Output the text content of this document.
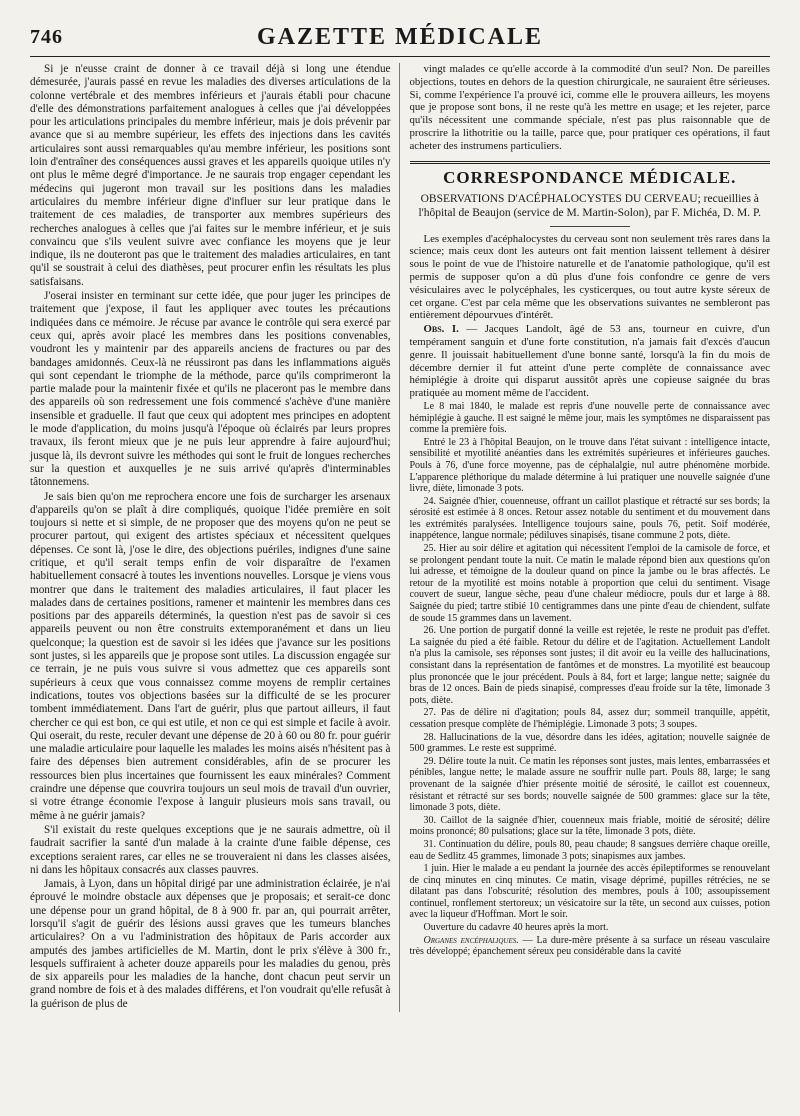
746	GAZETTE MÉDICALE

Si je n'eusse craint de donner à ce travail déjà si long une étendue démesurée, j'aurais passé en revue les maladies des diverses articulations de la colonne vertébrale et des membres inférieurs et j'aurais établi pour chacune d'elle des démonstrations parfaitement analogues à celles que j'ai développées pour les articulations principales du membre inférieur, mais je dois prévenir par avance que si au membre supérieur, les effets des injections dans les cavités articulaires sont aussi remarquables qu'au membre inférieur, les positions sont loin d'entraîner des conséquences aussi graves et les appareils quoique utiles n'y ont plus le même degré d'importance. Je ne saurais trop engager cependant les médecins qui jugeront mon travail sur les positions dans les maladies articulaires du membre inférieur digne d'influer sur leur pratique dans le traitement de ces maladies, de transporter aux membres supérieurs des recherches analogues à celles que j'ai faites sur le membre inférieur, et je suis convaincu que s'ils veulent suivre avec confiance les moyens que je leur indique, ils ne douteront pas que le traitement des maladies articulaires, en tant qu'il se soustrait à celui des diathèses, peut procurer enfin les résultats les plus satisfaisans.

J'oserai insister en terminant sur cette idée, que pour juger les principes de traitement que j'expose, il faut les appliquer avec toutes les précautions indiquées dans ce mémoire. Je récuse par avance le contrôle qui sera exercé par ceux qui, après avoir placé les membres dans les positions convenables, voudront les y maintenir par des appareils anciens de fractures ou par des bandages amidonnés. Ceux-là ne réussiront pas dans les inflammations aiguës qui sont cependant le triomphe de la méthode, parce qu'ils comprimeront la partie malade pour la maintenir fixée et qu'ils ne placeront pas le membre dans des appareils où son redressement une fois commencé s'achève d'une manière insensible et graduelle. Il faut que ceux qui adoptent mes principes en adoptent le mode d'application, du moins jusqu'à l'époque où éclairés par leurs propres travaux, ils feront mieux que je ne puis leur apprendre à faire aujourd'hui; jusque là, ils devront suivre les méthodes qui sont le fruit de longues recherches sur la question et auxquelles je ne suis arrivé qu'après d'interminables tâtonnemens.

Je sais bien qu'on me reprochera encore une fois de surcharger les arsenaux d'appareils qu'on se plaît à dire compliqués, quoique l'idée première en soit toujours si nette et si simple, de ne proposer que des moyens qu'on ne peut se procurer partout, qui exigent des artistes spéciaux et nécessitent quelques dépenses. Ce sont là, j'ose le dire, des objections puériles, indignes d'une saine critique, et qu'il serait temps enfin de voir disparaître de l'examen habituellement consacré à toutes les inventions nouvelles. Lorsque je viens vous montrer que dans le traitement des maladies articulaires, il faut placer les malades dans de certaines positions, ramener et maintenir les membres dans ces positions par des appareils déterminés, la question n'est pas de savoir si ces appareils peuvent ou non être construits extemporanément et dans un lieu quelconque; la question est de savoir si les idées que j'avance sur les positions sont justes, si les appareils que je propose sont utiles. La discussion engagée sur ce terrain, je ne puis vous suivre si vous admettez que ces appareils sont supérieurs à ceux que vous connaissez comme moyens de remplir certaines indications, toutes vos objections basées sur la difficulté de se les procurer tombent immédiatement. Dans l'art de guérir, plus que partout ailleurs, il faut chercher ce qui est bon, ce qui est utile, et non ce qui est simple et facile à avoir. Qui oserait, du reste, reculer devant une dépense de 20 à 60 ou 80 fr. pour guérir une maladie articulaire pour laquelle les malades les moins aisés n'hésitent pas à faire des dépenses bien autrement considérables, afin de se procurer les ressources bien plus incertaines que fournissent les eaux minérales? Comment craindre une dépense que couvrira toujours un seul mois de travail d'un ouvrier, si votre étrange économie l'expose à languir plusieurs mois sans travail, ou même à ne guérir jamais?

S'il existait du reste quelques exceptions que je ne saurais admettre, où il faudrait sacrifier la santé d'un malade à la crainte d'une faible dépense, ces exceptions seraient rares, car elles ne se trouveraient ni dans les classes aisées, ni dans les hôpitaux consacrés aux classes pauvres.

Jamais, à Lyon, dans un hôpital dirigé par une administration éclairée, je n'ai éprouvé le moindre obstacle aux dépenses que je proposais; et serait-ce donc une dépense pour un grand hôpital, de 8 à 900 fr. par an, qui pourrait arrêter, lorsqu'il s'agit de guérir des lésions aussi graves que les tumeurs blanches articulaires? On a vu l'administration des hôpitaux de Paris accorder aux amputés des jambes artificielles de M. Martin, dont le prix s'élève à 300 fr., lesquels suffiraient à acheter douze appareils pour les maladies du genou, près de six appareils pour les maladies de la hanche, dont chacun peut servir un grand nombre de fois et à des malades différens, et l'on voudrait qu'elle refusât à la guérison de plus de

vingt malades ce qu'elle accorde à la commodité d'un seul? Non. De pareilles objections, toutes en dehors de la question chirurgicale, ne sauraient être sérieuses. Si, comme l'expérience l'a prouvé ici, comme elle le prouvera ailleurs, les moyens que je propose sont bons, il ne reste qu'à les mettre en usage; et les rejeter, parce qu'ils nécessitent une commande spéciale, n'est pas plus raisonnable que de proscrire la lithotritie ou la taille, parce que, pour pratiquer ces opérations, il faut acheter des instrumens particuliers.

CORRESPONDANCE MÉDICALE.
OBSERVATIONS D'ACÉPHALOCYSTES DU CERVEAU; recueillies à l'hôpital de Beaujon (service de M. Martin-Solon), par F. Michéa, D. M. P.

Les exemples d'acéphalocystes du cerveau sont non seulement très rares dans la science; mais ceux dont les auteurs ont fait mention laissent tellement à désirer sous le point de vue de l'histoire naturelle et de l'anatomie pathologique, qu'il est permis de supposer qu'on a dû plus d'une fois confondre ce genre de vers vésiculaires avec le polycéphales, les cysticerques, ou tout autre kyste séreux de cet organe. C'est par cela même que les observations suivantes ne sembleront pas entièrement dépourvues d'intérêt.

Obs. I. — Jacques Landolt, âgé de 53 ans, tourneur en cuivre, d'un tempérament sanguin et d'une forte constitution, n'a jamais fait d'excès d'aucun genre. Il jouissait habituellement d'une bonne santé, lorsqu'à la fin du mois de décembre dernier il fut atteint d'une perte complète de connaissance avec hémiplégie à droite qui disparut aussitôt après une copieuse saignée du bras pratiquée au moment même de l'accident.

Le 8 mai 1840, le malade est repris d'une nouvelle perte de connaissance avec hémiplégie à gauche. Il est saigné le même jour, mais les symptômes ne disparaissent pas comme la première fois.

Entré le 23 à l'hôpital Beaujon, on le trouve dans l'état suivant : intelligence intacte, sensibilité et myotilité anéanties dans les extrémités supérieures et inférieures gauches. Pouls à 76, d'une force moyenne, pas de céphalalgie, nul autre phénomène morbide. L'apparence pléthorique du malade détermine à lui pratiquer une nouvelle saignée d'une livre, diète, limonade 3 pots.

24. Saignée d'hier, couenneuse, offrant un caillot plastique et rétracté sur ses bords; la sérosité est estimée à 8 onces. Retour assez notable du sentiment et du mouvement dans les extrémités paralysées. Intelligence toujours saine, pouls 76, petit. Soif modérée, inappétence, langue normale; pédiluves sinapisés, tisane commune 2 pots, diète.

25. Hier au soir délire et agitation qui nécessitent l'emploi de la camisole de force, et se prolongent pendant toute la nuit. Ce matin le malade répond bien aux questions qu'on lui adresse, et témoigne de la douleur quand on pince la jambe ou le bras affectés. Le retour de la myotilité est moins notable à proportion que celui du sentiment. Visage couvert de sueur, langue sèche, peau d'une chaleur médiocre, pouls dur et large à 88. Saignée du pied; tartre stibié 10 centigrammes dans une pinte d'eau de chiendent, sulfate de soude 15 grammes dans un lavement.

26. Une portion de purgatif donné la veille est rejetée, le reste ne produit pas d'effet. La saignée du pied a été faible. Retour du délire et de l'agitation. Actuellement Landolt n'a plus la camisole, ses réponses sont justes; il dit avoir eu la veille des hallucinations, consistant dans la représentation de fantômes et de monstres. La myotilité est beaucoup plus prononcée que le jour précédent. Pouls à 84, fort et large; langue nette; saignée du bras de 12 onces. Bain de pieds sinapisé, compresses d'eau froide sur la tête, limonade 3 pots, diète.

27. Pas de délire ni d'agitation; pouls 84, assez dur; sommeil tranquille, appétit, cessation presque complète de l'hémiplégie. Limonade 3 pots; 3 soupes.

28. Hallucinations de la vue, désordre dans les idées, agitation; nouvelle saignée de 500 grammes. Le reste est supprimé.

29. Délire toute la nuit. Ce matin les réponses sont justes, mais lentes, embarrassées et pénibles, langue nette; le malade assure ne souffrir nulle part. Pouls 88, large; le sang provenant de la saignée d'hier présente moitié de sérosité, le caillot est couenneux, résistant et rétracté sur ses bords; nouvelle saignée de 500 grammes: glace sur la tête, limonade 3 pots, diète.

30. Caillot de la saignée d'hier, couenneux mais friable, moitié de sérosité; délire moins prononcé; 80 pulsations; glace sur la tête, limonade 3 pots, diète.

31. Continuation du délire, pouls 80, peau chaude; 8 sangsues derrière chaque oreille, eau de Sedlitz 45 grammes, limonade 3 pots; sinapismes aux jambes.

1 juin. Hier le malade a eu pendant la journée des accès épileptiformes se renouvelant de cinq minutes en cinq minutes. Ce matin, visage déprimé, pupilles rétrécies, ne se dilatant pas dans l'obscurité; résolution des membres, pouls à 100; assoupissement continuel, ronflement stertoreux; un vésicatoire sur la tête, un second aux cuisses, potion avec la liqueur d'Hoffman. Mort le soir.

Ouverture du cadavre 40 heures après la mort.

Organes encéphaliques. — La dure-mère présente à sa surface un réseau vasculaire très développé; épanchement séreux peu considérable dans la cavité
